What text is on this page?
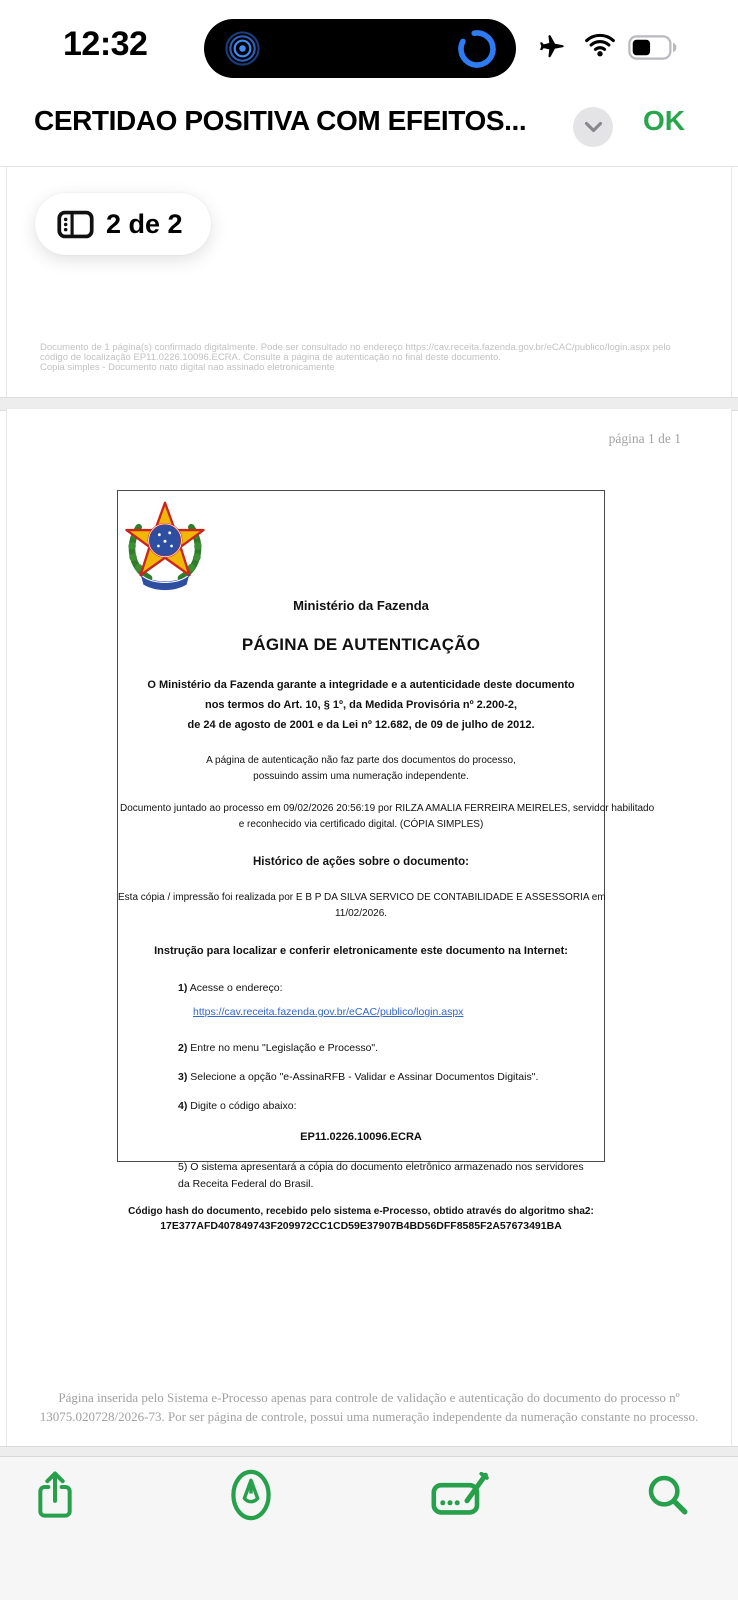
12:32
CERTIDAO POSITIVA COM EFEITOS...	OK
2 de 2
Documento de 1 página(s) confirmado digitalmente. Pode ser consultado no endereço https://cav.receita.fazenda.gov.br/eCAC/publico/login.aspx pelo
código de localização EP11.0226.10096.ECRA. Consulte a página de autenticação no final deste documento.
Copia simples - Documento nato digital nao assinado eletronicamente
página 1 de 1
Ministério da Fazenda
PÁGINA DE AUTENTICAÇÃO
O Ministério da Fazenda garante a integridade e a autenticidade deste documento
nos termos do Art. 10, § 1º, da Medida Provisória nº 2.200-2,
de 24 de agosto de 2001 e da Lei nº 12.682, de 09 de julho de 2012.
A página de autenticação não faz parte dos documentos do processo,
possuindo assim uma numeração independente.
Documento juntado ao processo em 09/02/2026 20:56:19 por RILZA AMALIA FERREIRA MEIRELES, servidor habilitado
e reconhecido via certificado digital. (CÓPIA SIMPLES)
Histórico de ações sobre o documento:
Esta cópia / impressão foi realizada por E B P DA SILVA SERVICO DE CONTABILIDADE E ASSESSORIA em
11/02/2026.
Instrução para localizar e conferir eletronicamente este documento na Internet:
1) Acesse o endereço:
https://cav.receita.fazenda.gov.br/eCAC/publico/login.aspx
2) Entre no menu "Legislação e Processo".
3) Selecione a opção "e-AssinaRFB - Validar e Assinar Documentos Digitais".
4) Digite o código abaixo:
EP11.0226.10096.ECRA
5) O sistema apresentará a cópia do documento eletrônico armazenado nos servidores
da Receita Federal do Brasil.
Código hash do documento, recebido pelo sistema e-Processo, obtido através do algoritmo sha2:
17E377AFD407849743F209972CC1CD59E37907B4BD56DFF8585F2A57673491BA
Página inserida pelo Sistema e-Processo apenas para controle de validação e autenticação do documento do processo nº
13075.020728/2026-73. Por ser página de controle, possui uma numeração independente da numeração constante no processo.
